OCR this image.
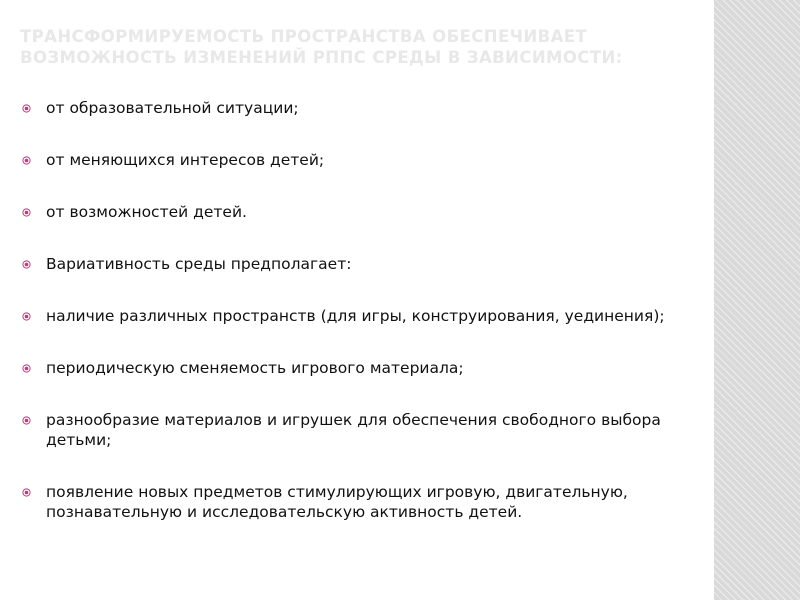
ТРАНСФОРМИРУЕМОСТЬ ПРОСТРАНСТВА ОБЕСПЕЧИВАЕТ
ВОЗМОЖНОСТЬ ИЗМЕНЕНИЙ РППС СРЕДЫ В ЗАВИСИМОСТИ:
от образовательной ситуации;
от меняющихся интересов детей;
от возможностей детей.
Вариативность среды предполагает:
наличие различных пространств (для игры, конструирования, уединения);
периодическую сменяемость игрового материала;
разнообразие материалов и игрушек для обеспечения свободного выбора детьми;
появление новых предметов стимулирующих игровую, двигательную, познавательную и исследовательскую активность детей.
